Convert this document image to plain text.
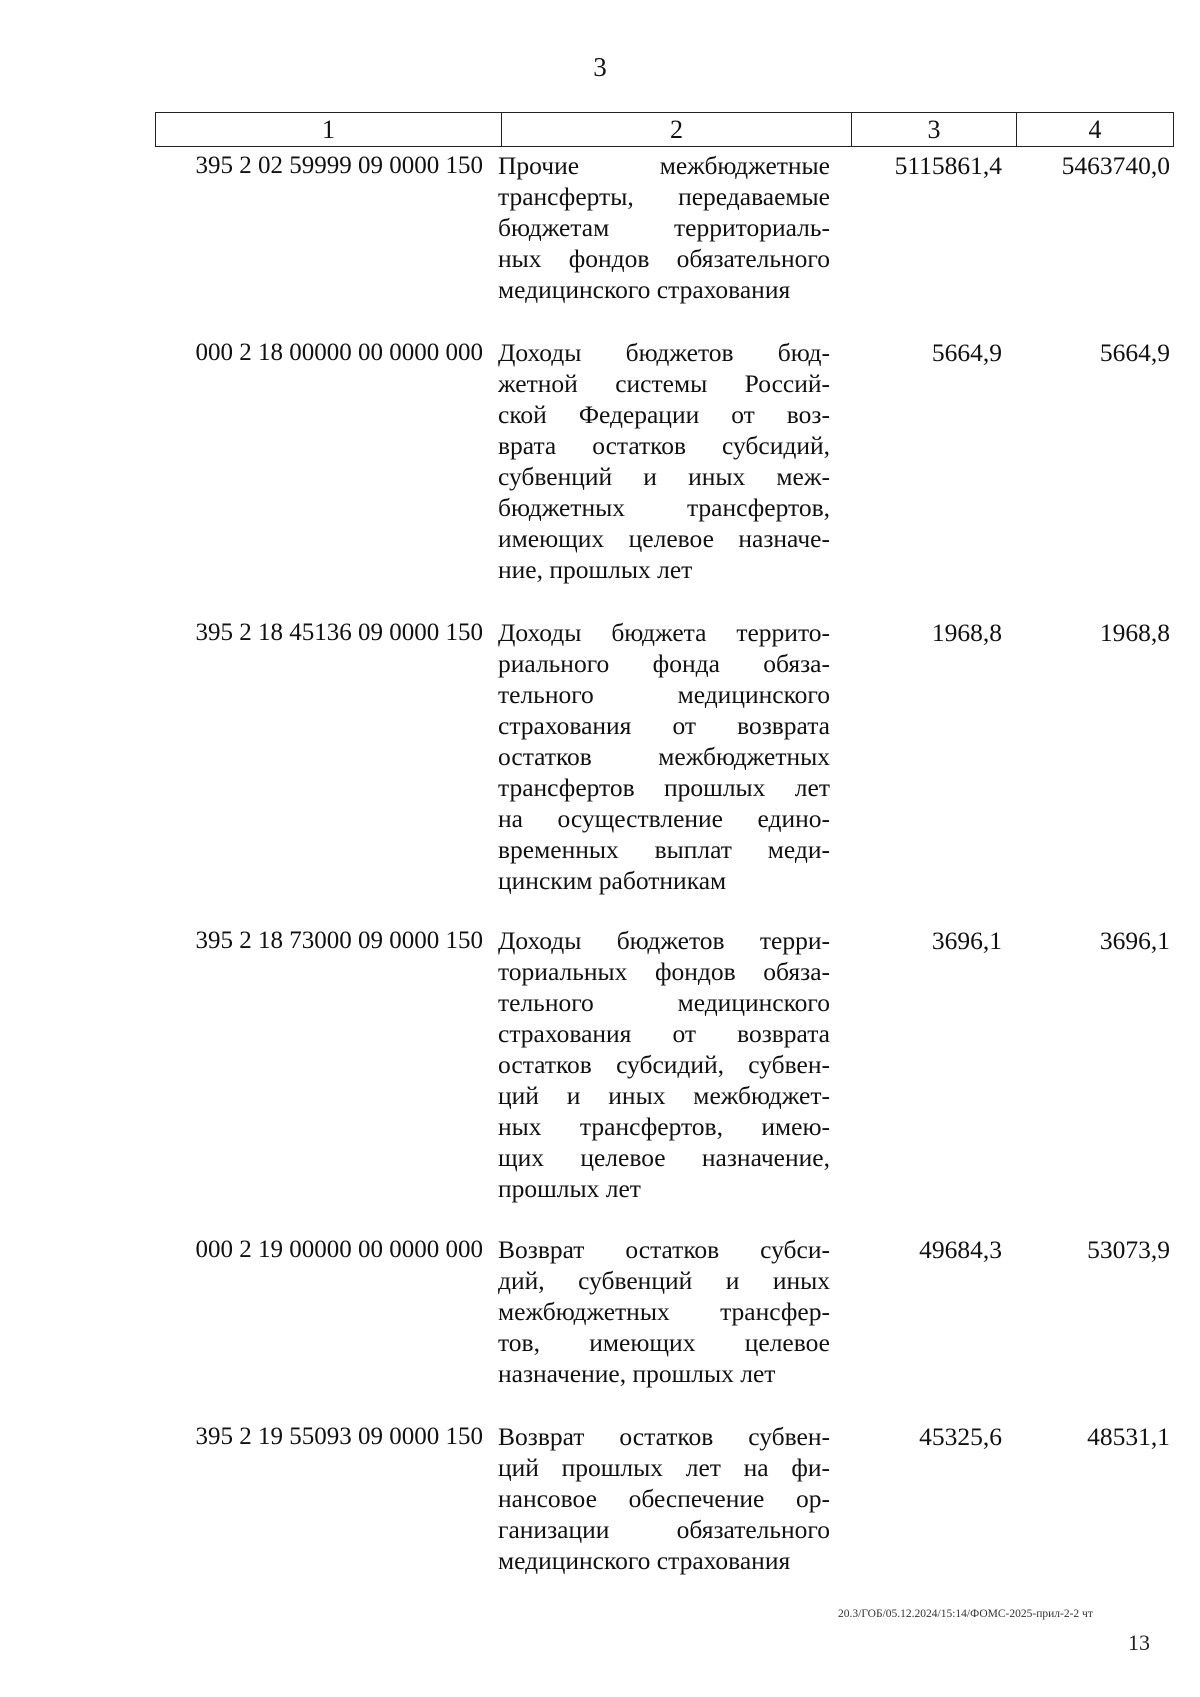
3
1	2	3	4
395 2 02 59999 09 0000 150 Прочие межбюджетные
трансферты, передаваемые
бюджетам территориаль-
ных фондов обязательного
медицинского страхования
5115861,4	5463740,0
000 2 18 00000 00 0000 000 Доходы бюджетов бюд-
жетной системы Россий-
ской Федерации от воз-
врата остатков субсидий,
субвенций и иных меж-
бюджетных трансфертов,
имеющих целевое назначе-
ние, прошлых лет
5664,9	5664,9
395 2 18 45136 09 0000 150 Доходы бюджета террито-
риального фонда обяза-
тельного медицинского
страхования от возврата
остатков межбюджетных
трансфертов прошлых лет
на осуществление едино-
временных выплат меди-
цинским работникам
1968,8	1968,8
395 2 18 73000 09 0000 150 Доходы бюджетов терри-
ториальных фондов обяза-
тельного медицинского
страхования от возврата
остатков субсидий, субвен-
ций и иных межбюджет-
ных трансфертов, имею-
щих целевое назначение,
прошлых лет
3696,1	3696,1
000 2 19 00000 00 0000 000 Возврат остатков субси-
дий, субвенций и иных
межбюджетных трансфер-
тов, имеющих целевое
назначение, прошлых лет
49684,3	53073,9
395 2 19 55093 09 0000 150 Возврат остатков субвен-
ций прошлых лет на фи-
нансовое обеспечение ор-
ганизации обязательного
медицинского страхования
45325,6	48531,1
20.3/ГОБ/05.12.2024/15:14/ФОМС-2025-прил-2-2 чт
13
